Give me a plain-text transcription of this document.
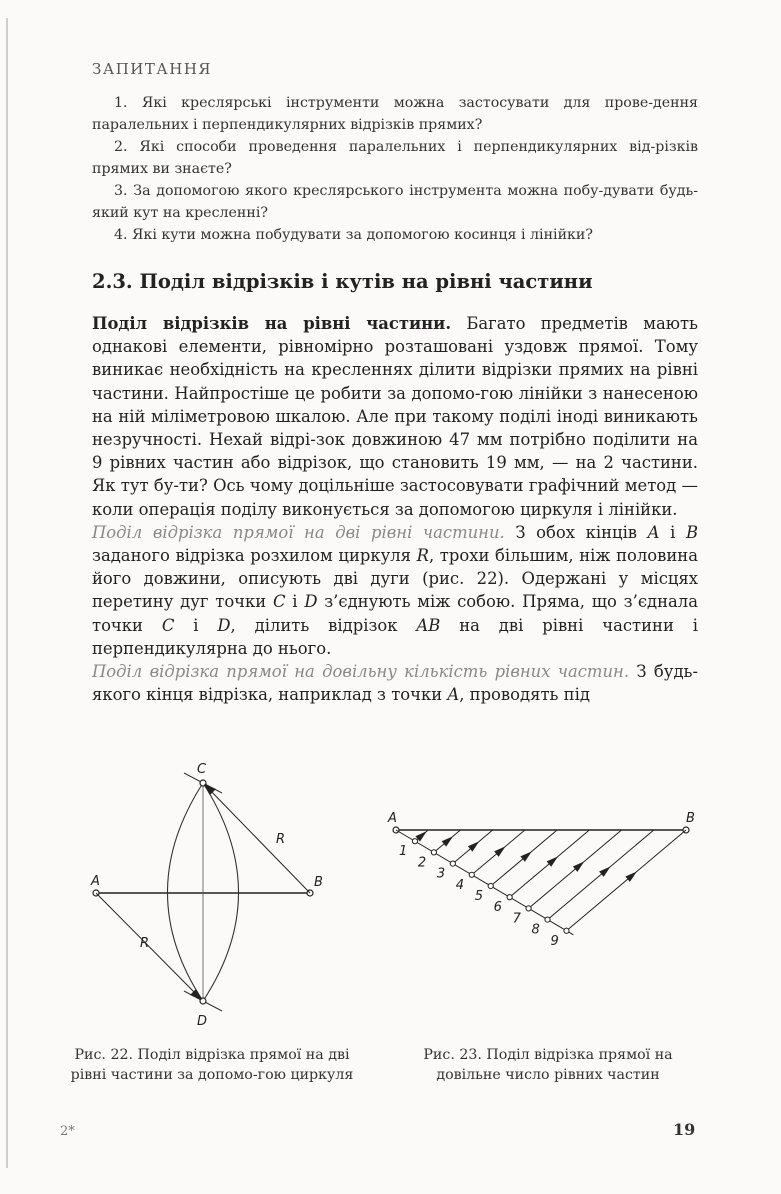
ЗАПИТАННЯ

1. Які креслярські інструменти можна застосувати для прове-дення паралельних і перпендикулярних відрізків прямих?

2. Які способи проведення паралельних і перпендикулярних від-різків прямих ви знаєте?

3. За допомогою якого креслярського інструмента можна побу-дувати будь-який кут на кресленні?

4. Які кути можна побудувати за допомогою косинця і лінійки?

2.3. Поділ відрізків і кутів на рівні частини

Поділ відрізків на рівні частини. Багато предметів мають однакові елементи, рівномірно розташовані уздовж прямої. Тому виникає необхідність на кресленнях ділити відрізки прямих на рівні частини. Найпростіше це робити за допомо-гою лінійки з нанесеною на ній міліметровою шкалою. Але при такому поділі іноді виникають незручності. Нехай відрі-зок довжиною 47 мм потрібно поділити на 9 рівних частин або відрізок, що становить 19 мм, — на 2 частини. Як тут бу-ти? Ось чому доцільніше застосовувати графічний метод — коли операція поділу виконується за допомогою циркуля і лінійки.

Поділ відрізка прямої на дві рівні частини. З обох кінців A і B заданого відрізка розхилом циркуля R, трохи більшим, ніж половина його довжини, описують дві дуги (рис. 22). Одержані у місцях перетину дуг точки C і D з’єднують між собою. Пряма, що з’єднала точки C і D, ділить відрізок AB на дві рівні частини і перпендикулярна до нього.

Поділ відрізка прямої на довільну кількість рівних частин. З будь-якого кінця відрізка, наприклад з точки A, проводять під

A	B
C
D
R
R
1
2
3
4
5
6
7
8
9
A	B
Рис. 22. Поділ відрізка прямої на дві рівні частини за допомо-гою циркуля
Рис. 23. Поділ відрізка прямої на довільне число рівних частин
2*	19
